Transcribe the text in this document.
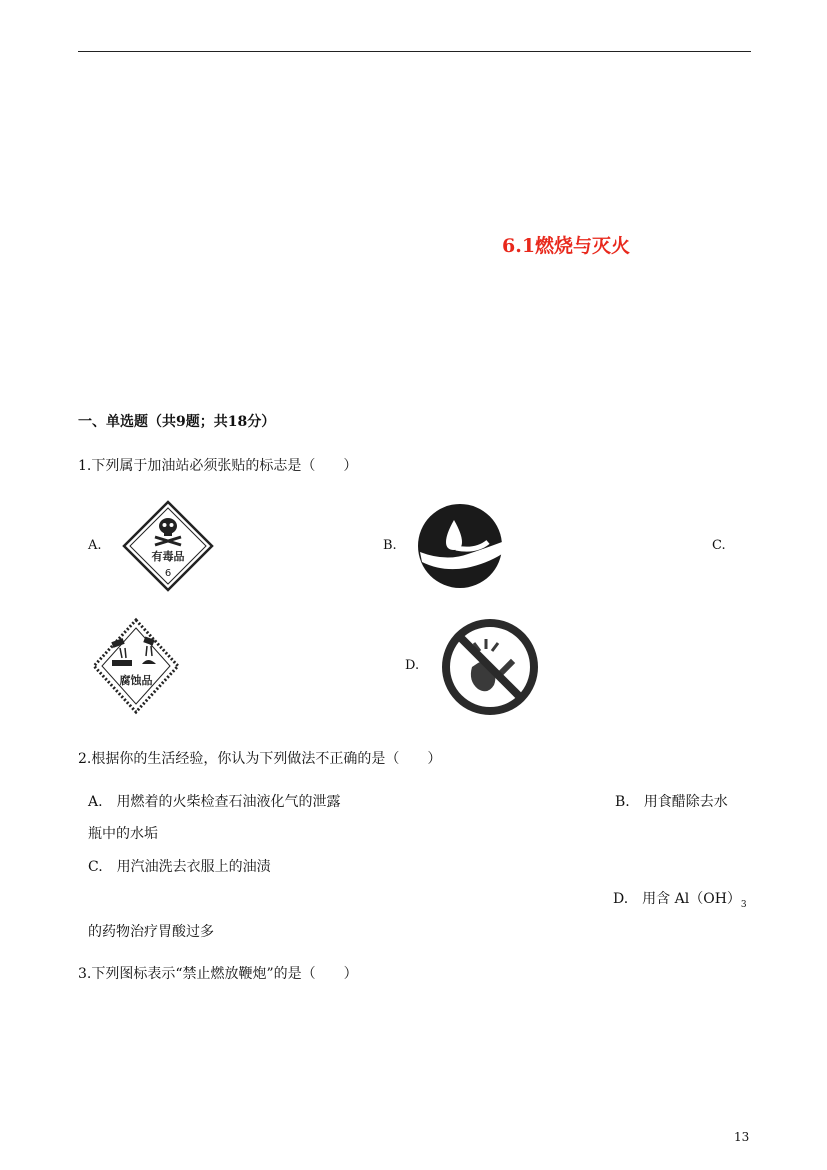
6.1燃烧与灭火
一、单选题（共9题；共18分）
1.下列属于加油站必须张贴的标志是（　　）
A.
有毒品
6
B.	C.
腐蚀品
D.
2.根据你的生活经验，你认为下列做法不正确的是（　　）
A.　用燃着的火柴检查石油液化气的泄露	B.　用食醋除去水
瓶中的水垢
C.　用汽油洗去衣服上的油渍
D.　用含 $Al(OH)_3$
的药物治疗胃酸过多
3.下列图标表示“禁止燃放鞭炮”的是（　　）
13
